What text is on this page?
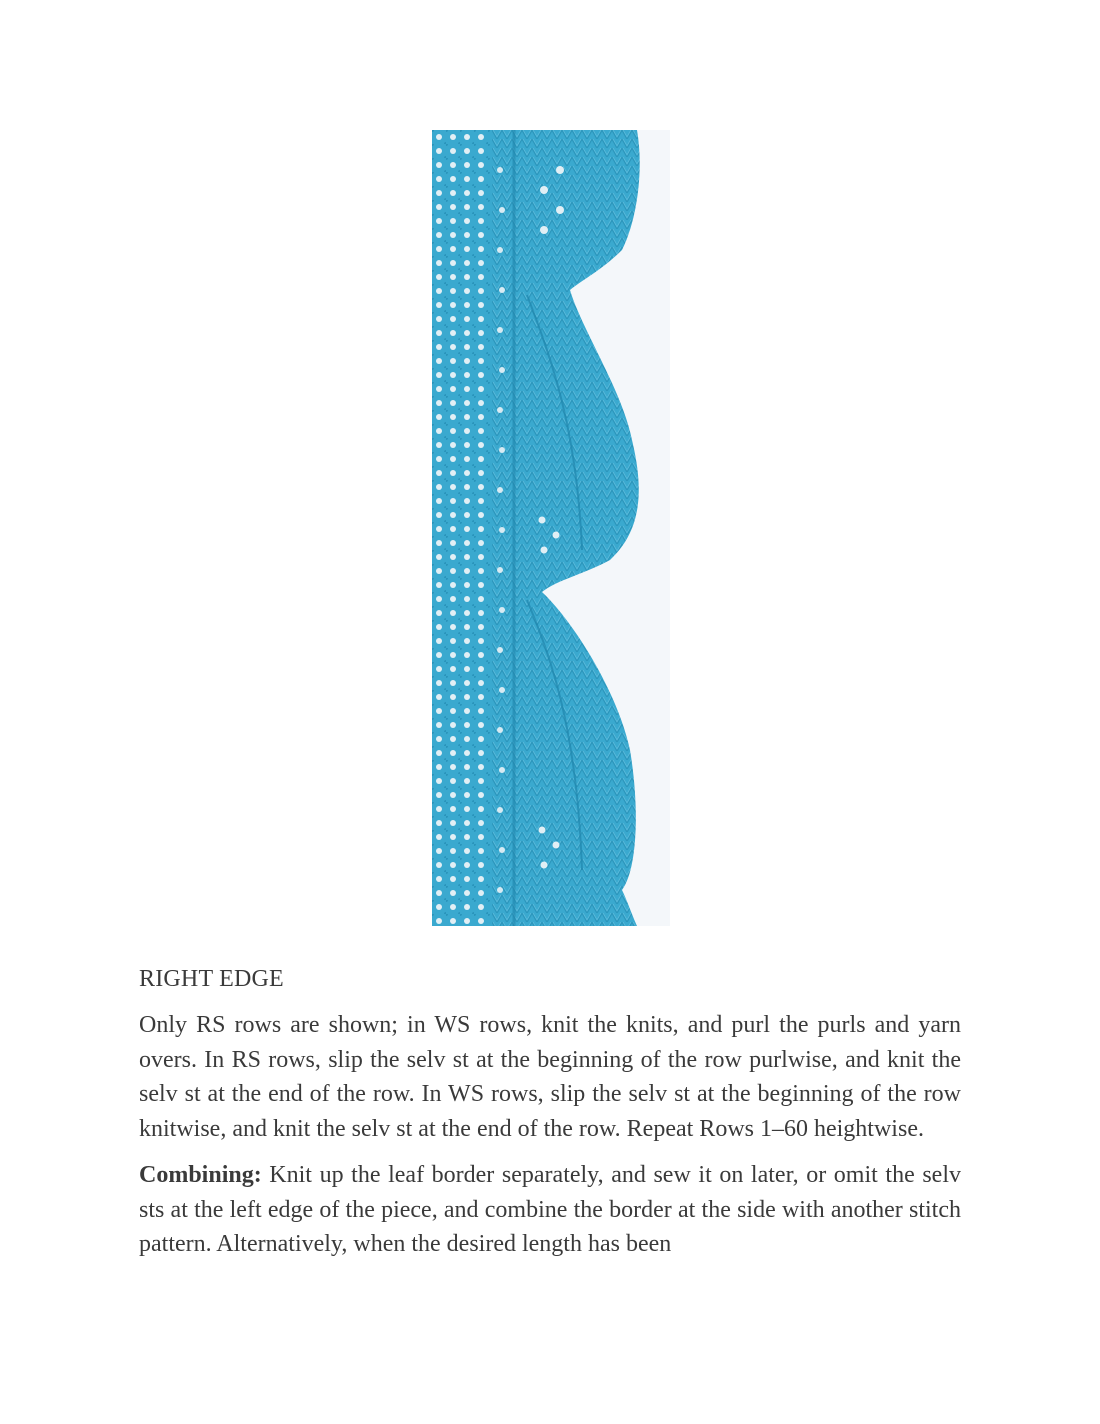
RIGHT EDGE

Only RS rows are shown; in WS rows, knit the knits, and purl the purls and yarn overs. In RS rows, slip the selv st at the beginning of the row purlwise, and knit the selv st at the end of the row. In WS rows, slip the selv st at the beginning of the row knitwise, and knit the selv st at the end of the row. Repeat Rows 1–60 heightwise.

Combining: Knit up the leaf border separately, and sew it on later, or omit the selv sts at the left edge of the piece, and combine the border at the side with another stitch pattern. Alternatively, when the desired length has been
